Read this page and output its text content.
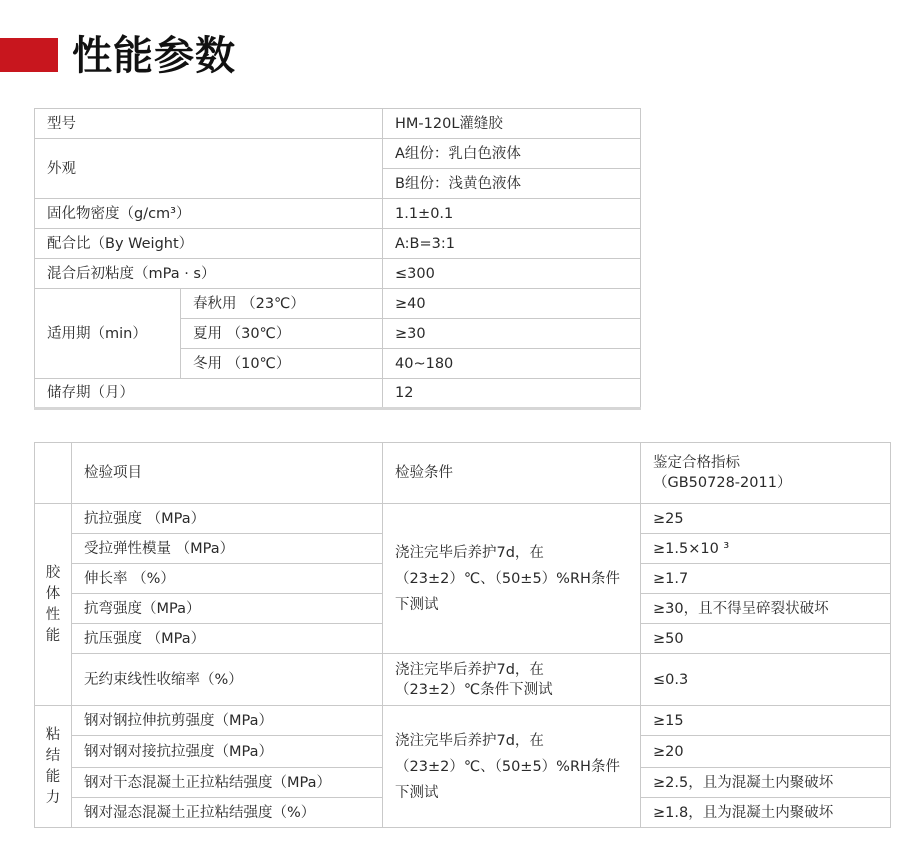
性能参数
型号		HM-120L灌缝胶
外观		A组份：乳白色液体
		B组份：浅黄色液体
固化物密度（g/cm³）		1.1±0.1
配合比（By Weight）		A:B=3:1
混合后初粘度（mPa · s）		≤300
适用期（min）	春秋用 （23℃）	≥40
	夏用 （30℃）	≥30
	冬用 （10℃）	40~180
储存期（月）		12
	检验项目	检验条件	鉴定合格指标
（GB50728-2011）

胶体性能	抗拉强度 （MPa）	浇注完毕后养护7d，在（23±2）℃、（50±5）%RH条件下测试	≥25
	受拉弹性模量 （MPa）		≥1.5×10 ³
	伸长率 （%）		≥1.7
	抗弯强度（MPa）		≥30，且不得呈碎裂状破坏
	抗压强度 （MPa）		≥50
	无约束线性收缩率（%）	浇注完毕后养护7d，在（23±2）℃条件下测试	≤0.3

粘结能力	钢对钢拉伸抗剪强度（MPa）	浇注完毕后养护7d，在（23±2）℃、（50±5）%RH条件下测试	≥15
	钢对钢对接抗拉强度（MPa）		≥20
	钢对干态混凝土正拉粘结强度（MPa）		≥2.5，且为混凝土内聚破坏
	钢对湿态混凝土正拉粘结强度（%）		≥1.8，且为混凝土内聚破坏
